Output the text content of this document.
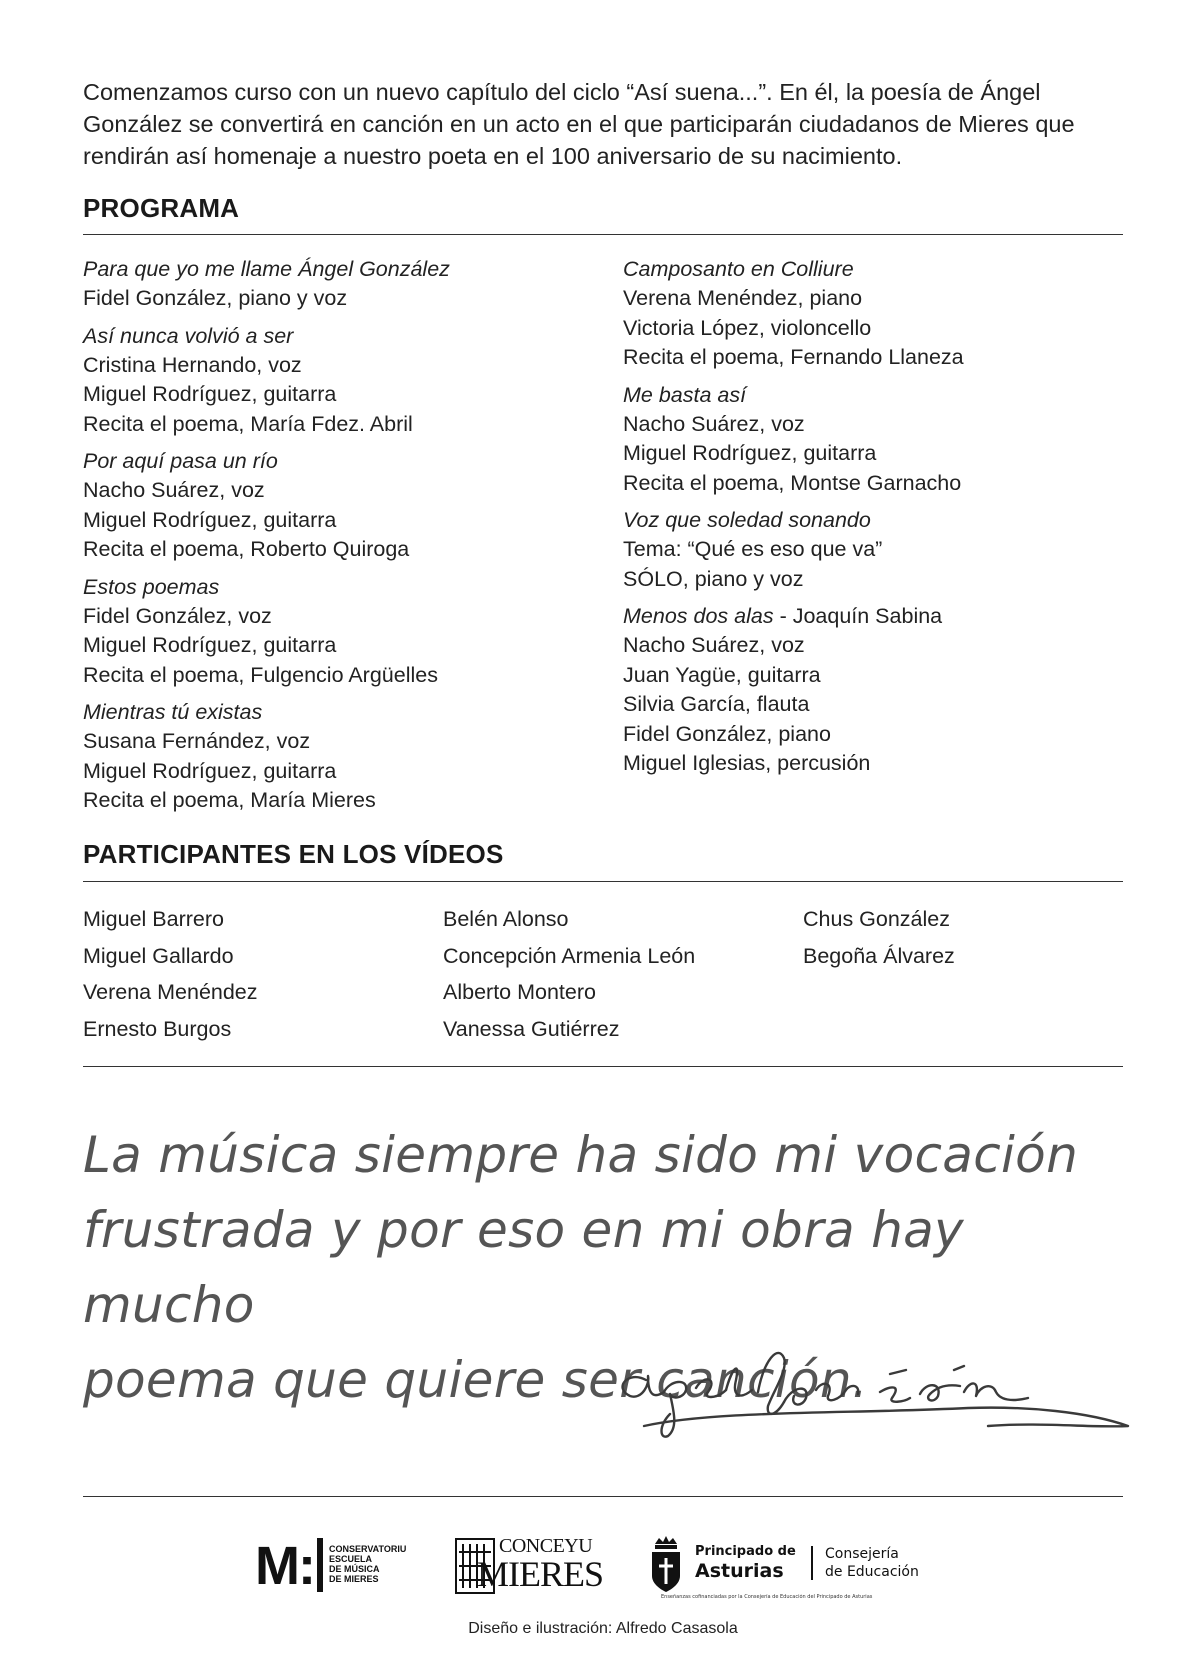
Comenzamos curso con un nuevo capítulo del ciclo “Así suena...”. En él, la poesía de Ángel González se convertirá en canción en un acto en el que participarán ciudadanos de Mieres que rendirán así homenaje a nuestro poeta en el 100 aniversario de su nacimiento.

PROGRAMA
Para que yo me llame Ángel González
Fidel González, piano y voz
Así nunca volvió a ser
Cristina Hernando, voz
Miguel Rodríguez, guitarra
Recita el poema, María Fdez. Abril
Por aquí pasa un río
Nacho Suárez, voz
Miguel Rodríguez, guitarra
Recita el poema, Roberto Quiroga
Estos poemas
Fidel González, voz
Miguel Rodríguez, guitarra
Recita el poema, Fulgencio Argüelles
Mientras tú existas
Susana Fernández, voz
Miguel Rodríguez, guitarra
Recita el poema, María Mieres
Camposanto en Colliure
Verena Menéndez, piano
Victoria López, violoncello
Recita el poema, Fernando Llaneza
Me basta así
Nacho Suárez, voz
Miguel Rodríguez, guitarra
Recita el poema, Montse Garnacho
Voz que soledad sonando
Tema: “Qué es eso que va”
SÓLO, piano y voz
Menos dos alas - Joaquín Sabina
Nacho Suárez, voz
Juan Yagüe, guitarra
Silvia García, flauta
Fidel González, piano
Miguel Iglesias, percusión
PARTICIPANTES EN LOS VÍDEOS
Miguel Barrero
Miguel Gallardo
Verena Menéndez
Ernesto Burgos
Belén Alonso
Concepción Armenia León
Alberto Montero
Vanessa Gutiérrez
Chus González
Begoña Álvarez
La música siempre ha sido mi vocación
frustrada y por eso en mi obra hay mucho
poema que quiere ser canción.
M: CONSERVATORIU
ESCUELA
DE MÚSICA
DE MIERES
CONCEYU
MIERES
Principado de
Asturias
Consejería
de Educación
Enseñanzas cofinanciadas por la Consejería de Educación del Principado de Asturias
Diseño e ilustración: Alfredo Casasola
